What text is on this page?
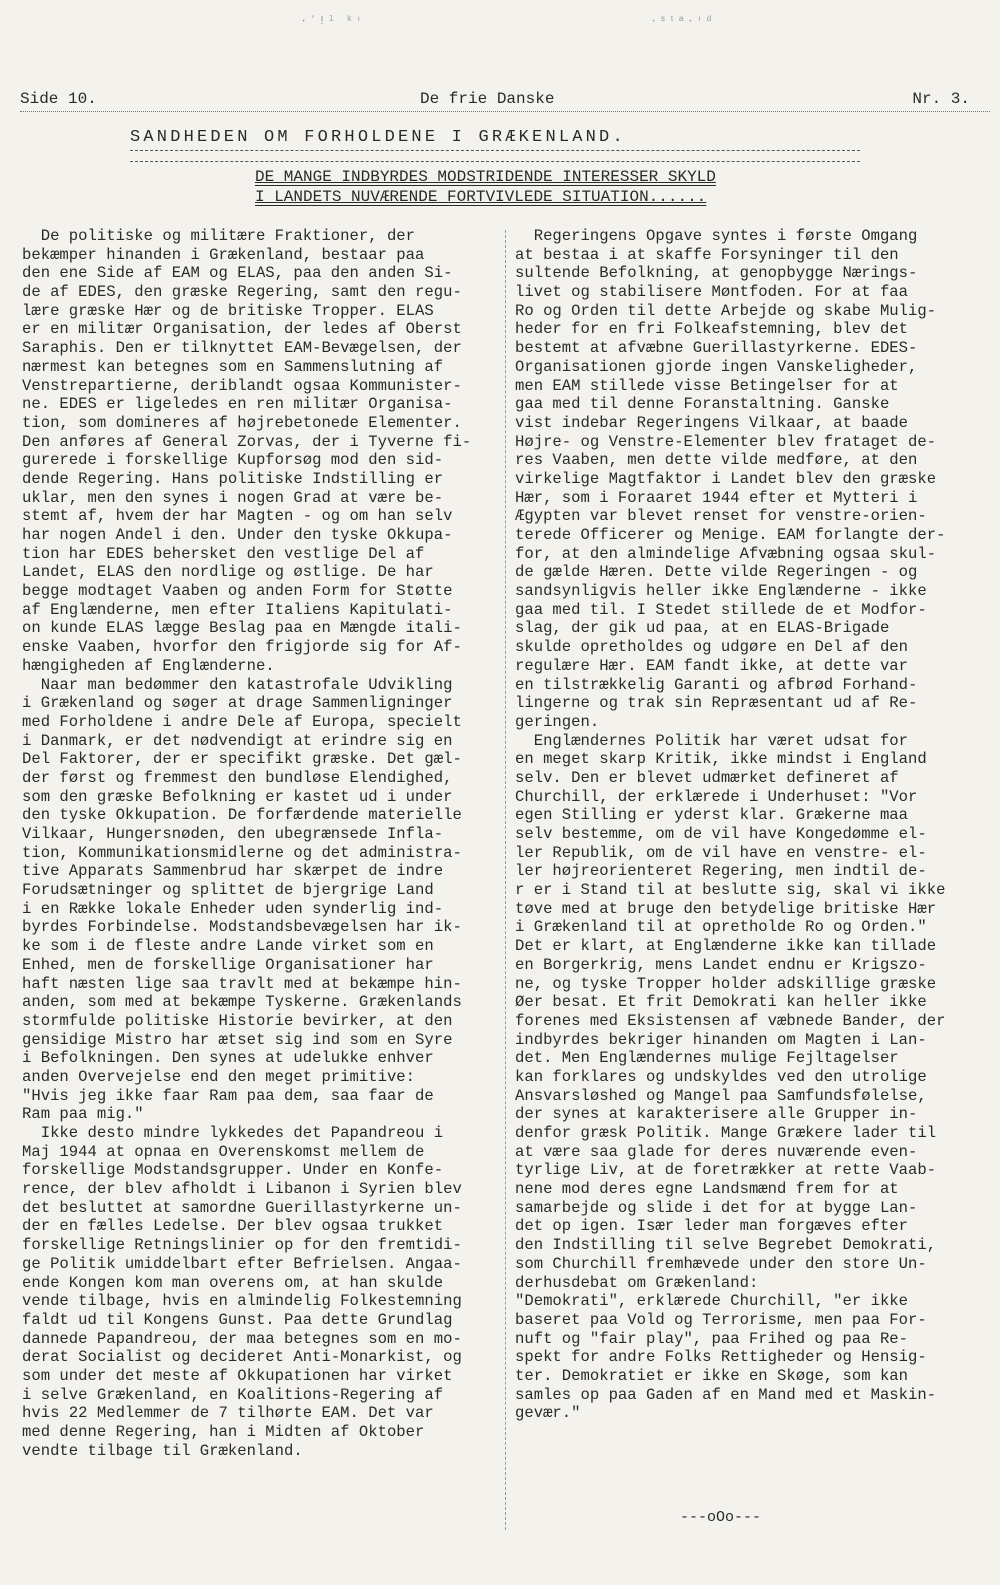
·ʼ!ˡ ᵏᶦ	·ˢᵗᵃ·ᶦᵈ
Side 10.	De frie Danske	Nr. 3.
SANDHEDEN OM FORHOLDENE I GRÆKENLAND.
DE MANGE INDBYRDES MODSTRIDENDE INTERESSER SKYLD
I LANDETS NUVÆRENDE FORTVIVLEDE SITUATION......
De politiske og militære Fraktioner, der
bekæmper hinanden i Grækenland, bestaar paa
den ene Side af EAM og ELAS, paa den anden Si-
de af EDES, den græske Regering, samt den regu-
lære græske Hær og de britiske Tropper. ELAS
er en militær Organisation, der ledes af Oberst
Saraphis. Den er tilknyttet EAM-Bevægelsen, der
nærmest kan betegnes som en Sammenslutning af
Venstrepartierne, deriblandt ogsaa Kommunister-
ne. EDES er ligeledes en ren militær Organisa-
tion, som domineres af højrebetonede Elementer.
Den anføres af General Zorvas, der i Tyverne fi-
gurerede i forskellige Kupforsøg mod den sid-
dende Regering. Hans politiske Indstilling er
uklar, men den synes i nogen Grad at være be-
stemt af, hvem der har Magten - og om han selv
har nogen Andel i den. Under den tyske Okkupa-
tion har EDES behersket den vestlige Del af
Landet, ELAS den nordlige og østlige. De har
begge modtaget Vaaben og anden Form for Støtte
af Englænderne, men efter Italiens Kapitulati-
on kunde ELAS lægge Beslag paa en Mængde itali-
enske Vaaben, hvorfor den frigjorde sig for Af-
hængigheden af Englænderne.
Naar man bedømmer den katastrofale Udvikling
i Grækenland og søger at drage Sammenligninger
med Forholdene i andre Dele af Europa, specielt
i Danmark, er det nødvendigt at erindre sig en
Del Faktorer, der er specifikt græske. Det gæl-
der først og fremmest den bundløse Elendighed,
som den græske Befolkning er kastet ud i under
den tyske Okkupation. De forfærdende materielle
Vilkaar, Hungersnøden, den ubegrænsede Infla-
tion, Kommunikationsmidlerne og det administra-
tive Apparats Sammenbrud har skærpet de indre
Forudsætninger og splittet de bjergrige Land
i en Række lokale Enheder uden synderlig ind-
byrdes Forbindelse. Modstandsbevægelsen har ik-
ke som i de fleste andre Lande virket som en
Enhed, men de forskellige Organisationer har
haft næsten lige saa travlt med at bekæmpe hin-
anden, som med at bekæmpe Tyskerne. Grækenlands
stormfulde politiske Historie bevirker, at den
gensidige Mistro har ætset sig ind som en Syre
i Befolkningen. Den synes at udelukke enhver
anden Overvejelse end den meget primitive:
"Hvis jeg ikke faar Ram paa dem, saa faar de
Ram paa mig."
Ikke desto mindre lykkedes det Papandreou i
Maj 1944 at opnaa en Overenskomst mellem de
forskellige Modstandsgrupper. Under en Konfe-
rence, der blev afholdt i Libanon i Syrien blev
det besluttet at samordne Guerillastyrkerne un-
der en fælles Ledelse. Der blev ogsaa trukket
forskellige Retningslinier op for den fremtidi-
ge Politik umiddelbart efter Befrielsen. Angaa-
ende Kongen kom man overens om, at han skulde
vende tilbage, hvis en almindelig Folkestemning
faldt ud til Kongens Gunst. Paa dette Grundlag
dannede Papandreou, der maa betegnes som en mo-
derat Socialist og decideret Anti-Monarkist, og
som under det meste af Okkupationen har virket
i selve Grækenland, en Koalitions-Regering af
hvis 22 Medlemmer de 7 tilhørte EAM. Det var
med denne Regering, han i Midten af Oktober
vendte tilbage til Grækenland.
Regeringens Opgave syntes i første Omgang
at bestaa i at skaffe Forsyninger til den
sultende Befolkning, at genopbygge Nærings-
livet og stabilisere Møntfoden. For at faa
Ro og Orden til dette Arbejde og skabe Mulig-
heder for en fri Folkeafstemning, blev det
bestemt at afvæbne Guerillastyrkerne. EDES-
Organisationen gjorde ingen Vanskeligheder,
men EAM stillede visse Betingelser for at
gaa med til denne Foranstaltning. Ganske
vist indebar Regeringens Vilkaar, at baade
Højre- og Venstre-Elementer blev frataget de-
res Vaaben, men dette vilde medføre, at den
virkelige Magtfaktor i Landet blev den græske
Hær, som i Foraaret 1944 efter et Mytteri i
Ægypten var blevet renset for venstre-orien-
terede Officerer og Menige. EAM forlangte der-
for, at den almindelige Afvæbning ogsaa skul-
de gælde Hæren. Dette vilde Regeringen - og
sandsynligvis heller ikke Englænderne - ikke
gaa med til. I Stedet stillede de et Modfor-
slag, der gik ud paa, at en ELAS-Brigade
skulde opretholdes og udgøre en Del af den
regulære Hær. EAM fandt ikke, at dette var
en tilstrækkelig Garanti og afbrød Forhand-
lingerne og trak sin Repræsentant ud af Re-
geringen.
Englændernes Politik har været udsat for
en meget skarp Kritik, ikke mindst i England
selv. Den er blevet udmærket defineret af
Churchill, der erklærede i Underhuset: "Vor
egen Stilling er yderst klar. Grækerne maa
selv bestemme, om de vil have Kongedømme el-
ler Republik, om de vil have en venstre- el-
ler højreorienteret Regering, men indtil de-
r er i Stand til at beslutte sig, skal vi ikke
tøve med at bruge den betydelige britiske Hær
i Grækenland til at opretholde Ro og Orden."
Det er klart, at Englænderne ikke kan tillade
en Borgerkrig, mens Landet endnu er Krigszo-
ne, og tyske Tropper holder adskillige græske
Øer besat. Et frit Demokrati kan heller ikke
forenes med Eksistensen af væbnede Bander, der
indbyrdes bekriger hinanden om Magten i Lan-
det. Men Englændernes mulige Fejltagelser
kan forklares og undskyldes ved den utrolige
Ansvarsløshed og Mangel paa Samfundsfølelse,
der synes at karakterisere alle Grupper in-
denfor græsk Politik. Mange Grækere lader til
at være saa glade for deres nuværende even-
tyrlige Liv, at de foretrækker at rette Vaab-
nene mod deres egne Landsmænd frem for at
samarbejde og slide i det for at bygge Lan-
det op igen. Især leder man forgæves efter
den Indstilling til selve Begrebet Demokrati,
som Churchill fremhævede under den store Un-
derhusdebat om Grækenland:
"Demokrati", erklærede Churchill, "er ikke
baseret paa Vold og Terrorisme, men paa For-
nuft og "fair play", paa Frihed og paa Re-
spekt for andre Folks Rettigheder og Hensig-
ter. Demokratiet er ikke en Skøge, som kan
samles op paa Gaden af en Mand med et Maskin-
gevær."
---oOo---
